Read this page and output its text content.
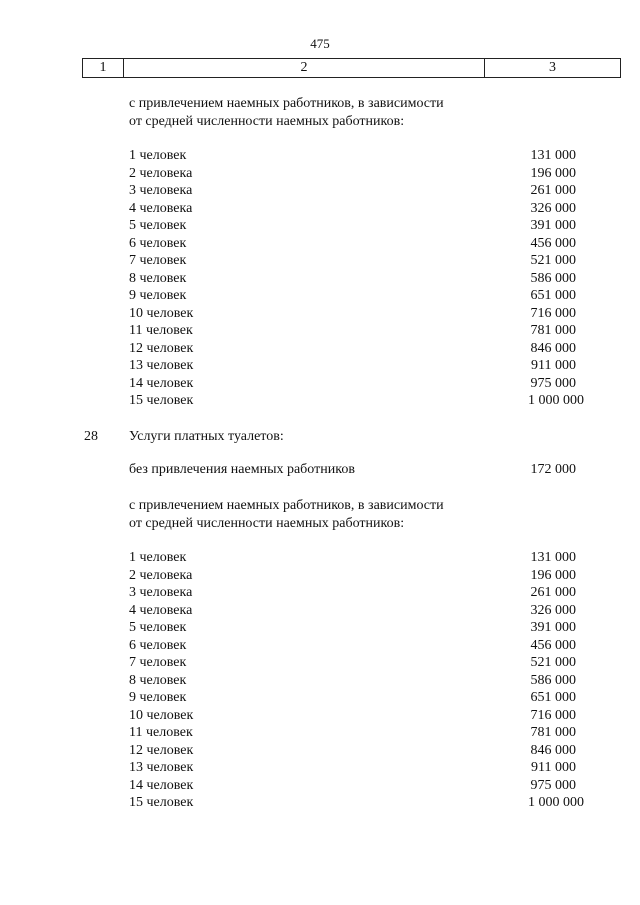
475
1	2	3
с привлечением наемных работников, в зависимости
от средней численности наемных работников:
1 человек	131 000
2 человека	196 000
3 человека	261 000
4 человека	326 000
5 человек	391 000
6 человек	456 000
7 человек	521 000
8 человек	586 000
9 человек	651 000
10 человек	716 000
11 человек	781 000
12 человек	846 000
13 человек	911 000
14 человек	975 000
15 человек	1 000 000
28	Услуги платных туалетов:
без привлечения наемных работников	172 000
с привлечением наемных работников, в зависимости
от средней численности наемных работников:
1 человек	131 000
2 человека	196 000
3 человека	261 000
4 человека	326 000
5 человек	391 000
6 человек	456 000
7 человек	521 000
8 человек	586 000
9 человек	651 000
10 человек	716 000
11 человек	781 000
12 человек	846 000
13 человек	911 000
14 человек	975 000
15 человек	1 000 000
